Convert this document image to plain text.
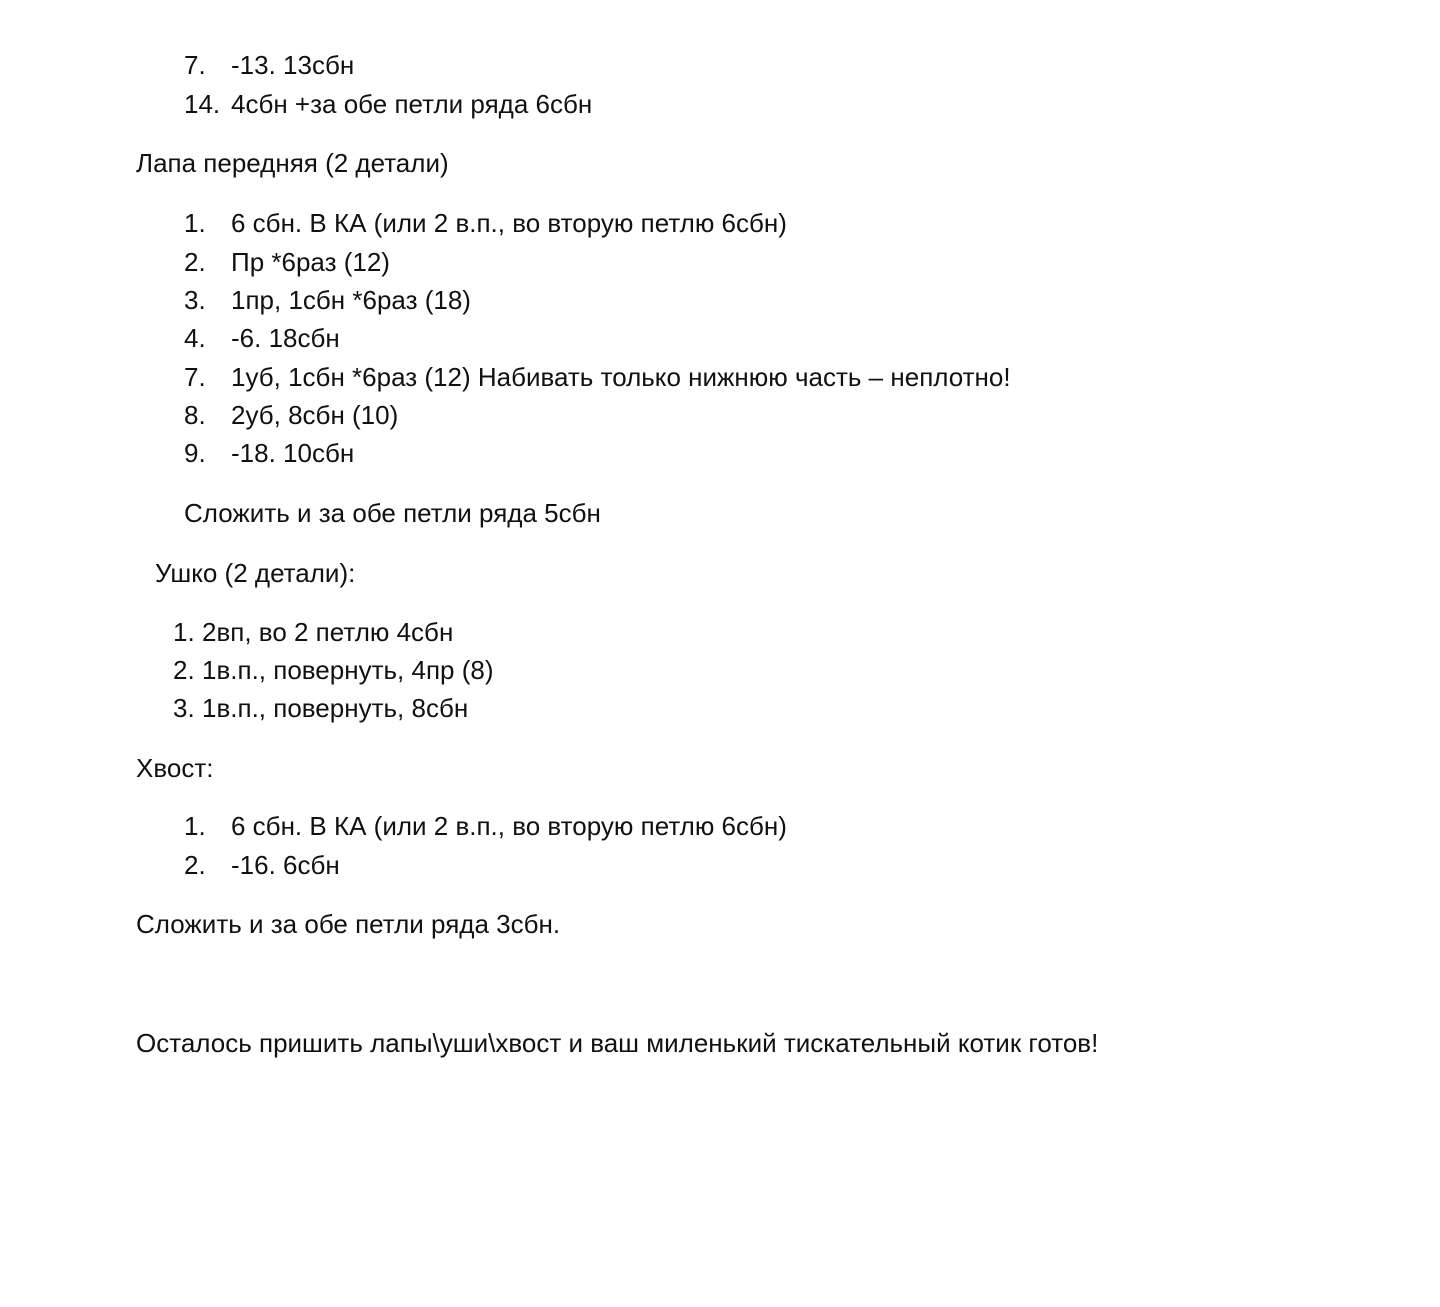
7. -13. 13сбн
14. 4сбн +за обе петли ряда 6сбн
Лапа передняя (2 детали)
1. 6 сбн. В КА (или 2 в.п., во вторую петлю 6сбн)
2. Пр *6раз (12)
3. 1пр, 1сбн *6раз (18)
4. -6. 18сбн
7. 1уб, 1сбн *6раз (12) Набивать только нижнюю часть – неплотно!
8. 2уб, 8сбн (10)
9. -18. 10сбн
Сложить и за обе петли ряда 5сбн
Ушко (2 детали):
1. 2вп, во 2 петлю 4сбн
2. 1в.п., повернуть, 4пр (8)
3. 1в.п., повернуть, 8сбн
Хвост:
1. 6 сбн. В КА (или 2 в.п., во вторую петлю 6сбн)
2. -16. 6сбн
Сложить и за обе петли ряда 3сбн.
Осталось пришить лапы\уши\хвост и ваш миленький тискательный котик готов!
